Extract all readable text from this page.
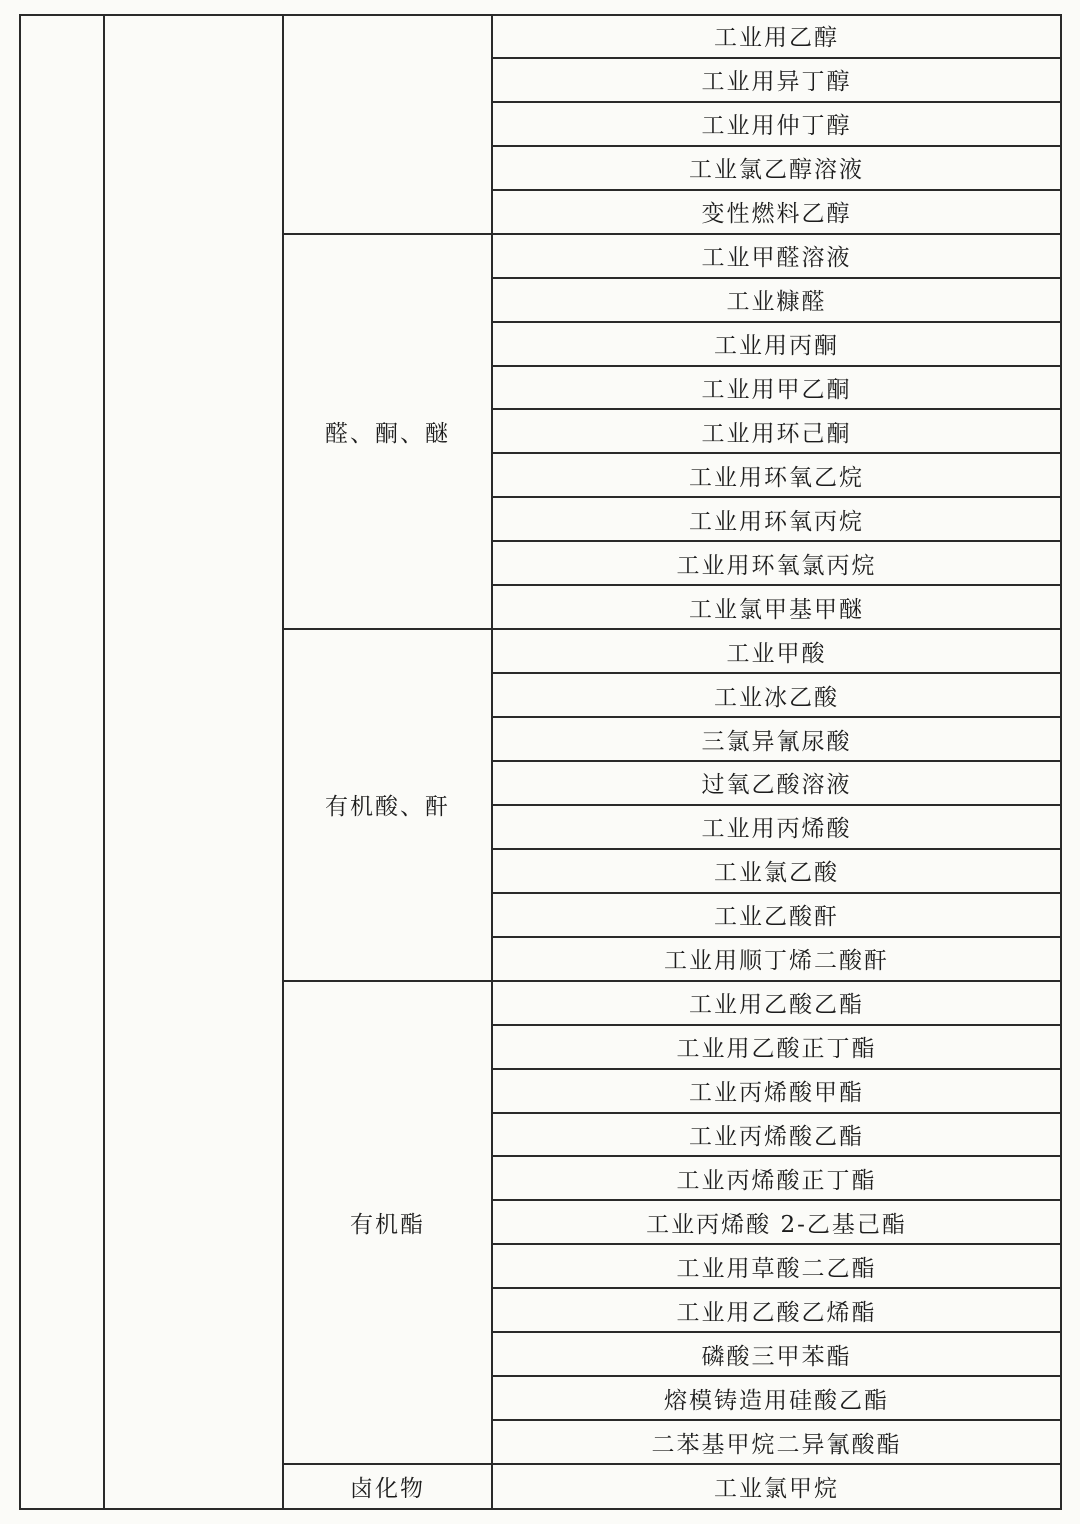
工业用乙醇
工业用异丁醇
工业用仲丁醇
工业氯乙醇溶液
变性燃料乙醇
醛、酮、醚
工业甲醛溶液
工业糠醛
工业用丙酮
工业用甲乙酮
工业用环己酮
工业用环氧乙烷
工业用环氧丙烷
工业用环氧氯丙烷
工业氯甲基甲醚
有机酸、酐
工业甲酸
工业冰乙酸
三氯异氰尿酸
过氧乙酸溶液
工业用丙烯酸
工业氯乙酸
工业乙酸酐
工业用顺丁烯二酸酐
有机酯
工业用乙酸乙酯
工业用乙酸正丁酯
工业丙烯酸甲酯
工业丙烯酸乙酯
工业丙烯酸正丁酯
工业丙烯酸 2-乙基己酯
工业用草酸二乙酯
工业用乙酸乙烯酯
磷酸三甲苯酯
熔模铸造用硅酸乙酯
二苯基甲烷二异氰酸酯
卤化物	工业氯甲烷
